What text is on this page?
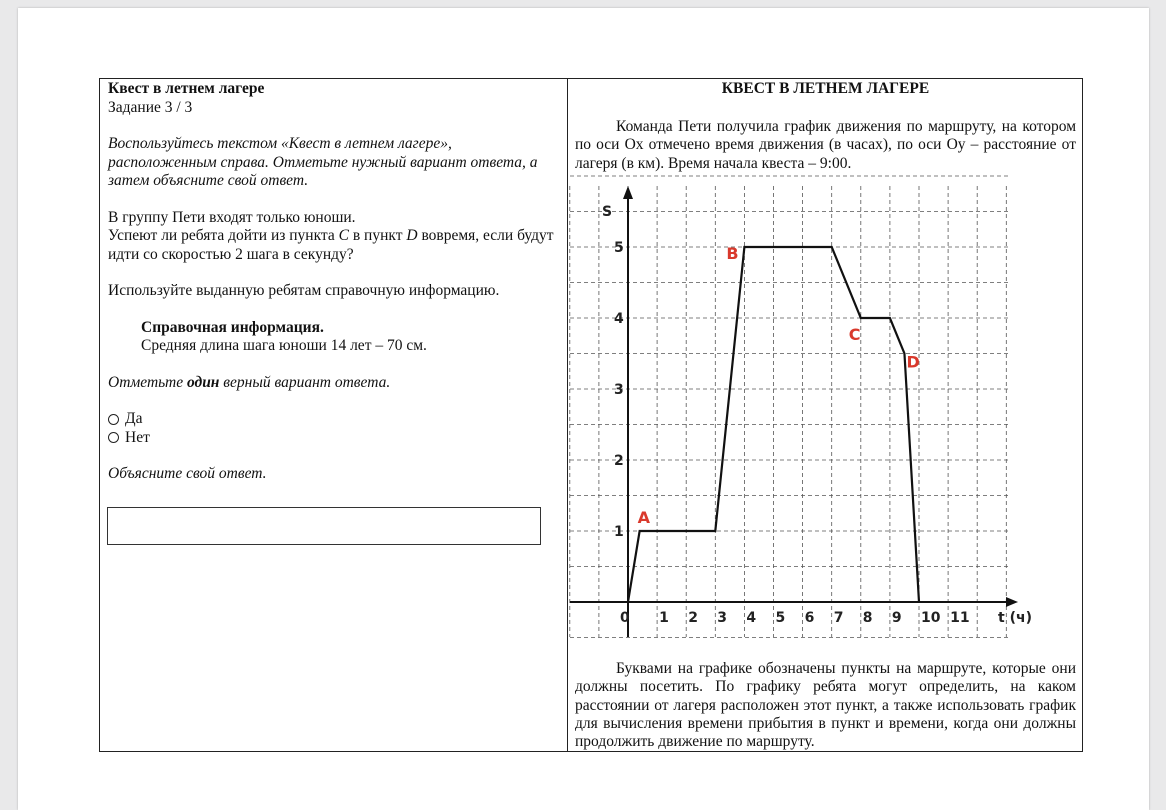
Квест в летнем лагере

Задание 3 / 3

Воспользуйтесь текстом «Квест в летнем лагере», расположенным справа. Отметьте нужный вариант ответа, а затем объясните свой ответ.

В группу Пети входят только юноши.

Успеют ли ребята дойти из пункта C в пункт D вовремя, если будут идти со скоростью 2 шага в секунду?

Используйте выданную ребятам справочную информацию.

Справочная информация.

Средняя длина шага юноши 14 лет – 70 см.

Отметьте один верный вариант ответа.

Да
Нет

Объясните свой ответ.

КВЕСТ В ЛЕТНЕМ ЛАГЕРЕ
Команда Пети получила график движения по маршруту, на котором по оси Ox отмечено время движения (в часах), по оси Oy – расстояние от лагеря (в км). Время начала квеста – 9:00.
0 1 2 3 4 5 6 7 8 9 10 11
1
2
3
4
5
S
t (ч)
A
B
C
D
Буквами на графике обозначены пункты на маршруте, которые они должны посетить. По графику ребята могут определить, на каком расстоянии от лагеря расположен этот пункт, а также использовать график для вычисления времени прибытия в пункт и времени, когда они должны продолжить движение по маршруту.
